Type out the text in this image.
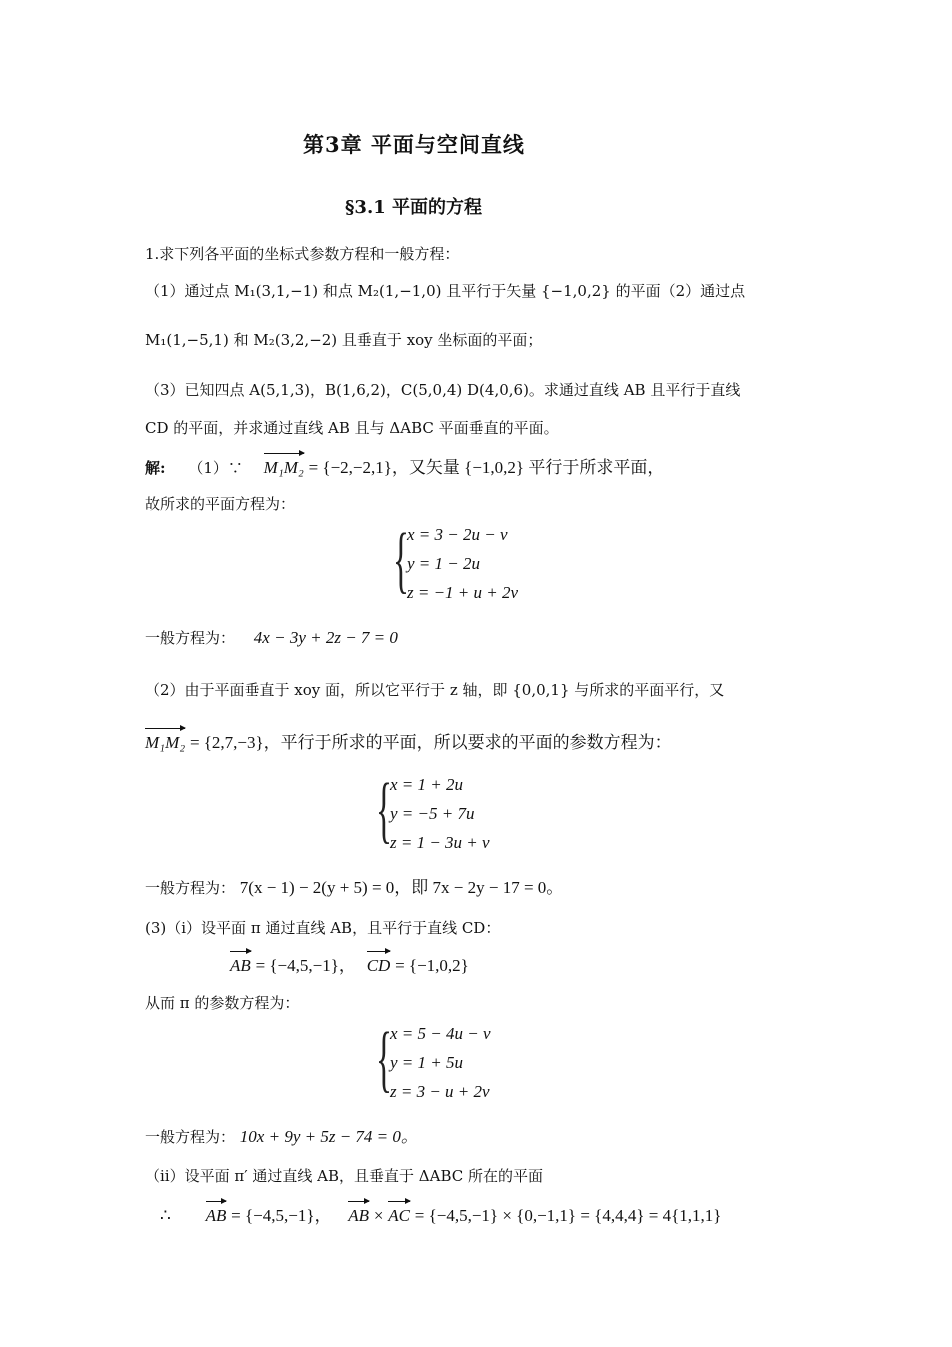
第3章 平面与空间直线
§3.1 平面的方程
1.求下列各平面的坐标式参数方程和一般方程：
（1）通过点 M₁(3,1,−1) 和点 M₂(1,−1,0) 且平行于矢量 {−1,0,2} 的平面（2）通过点
M₁(1,−5,1) 和 M₂(3,2,−2) 且垂直于 xoy 坐标面的平面；
（3）已知四点 A(5,1,3)，B(1,6,2)，C(5,0,4) D(4,0,6)。求通过直线 AB 且平行于直线
CD 的平面，并求通过直线 AB 且与 ΔABC 平面垂直的平面。
解: （1）∵ M₁M₂ = {−2,−2,1}，又矢量 {−1,0,2} 平行于所求平面，
故所求的平面方程为：
{
x = 3 − 2u − v
y = 1 − 2u
z = −1 + u + 2v
一般方程为： 4x − 3y + 2z − 7 = 0
（2）由于平面垂直于 xoy 面，所以它平行于 z 轴，即 {0,0,1} 与所求的平面平行，又
M₁M₂ = {2,7,−3}，平行于所求的平面，所以要求的平面的参数方程为：
{
x = 1 + 2u
y = −5 + 7u
z = 1 − 3u + v
一般方程为： 7(x − 1) − 2(y + 5) = 0，即 7x − 2y − 17 = 0。
(3)（ⅰ）设平面 π 通过直线 AB，且平行于直线 CD：
AB = {−4,5,−1}， CD = {−1,0,2}
从而 π 的参数方程为：
{
x = 5 − 4u − v
y = 1 + 5u
z = 3 − u + 2v
一般方程为： 10x + 9y + 5z − 74 = 0。
（ⅱ）设平面 π′ 通过直线 AB，且垂直于 ΔABC 所在的平面
∴ AB = {−4,5,−1}， AB × AC = {−4,5,−1} × {0,−1,1} = {4,4,4} = 4{1,1,1}
